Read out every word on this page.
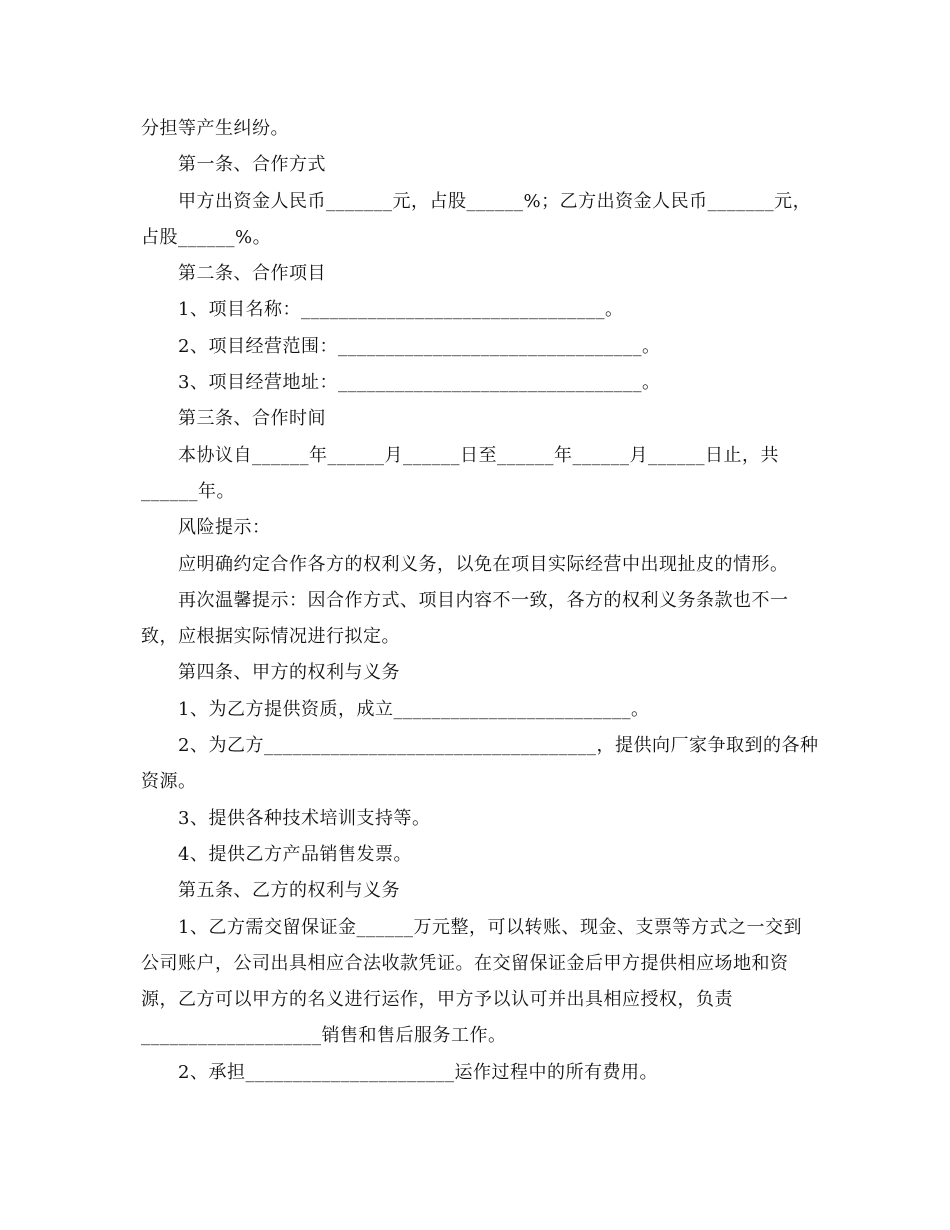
分担等产生纠纷。
第一条、合作方式
甲方出资金人民币_______元，占股______%；乙方出资金人民币_______元，
占股______%。
第二条、合作项目
1、项目名称：________________________________。
2、项目经营范围：________________________________。
3、项目经营地址：________________________________。
第三条、合作时间
本协议自______年______月______日至______年______月______日止，共
______年。
风险提示：
应明确约定合作各方的权利义务，以免在项目实际经营中出现扯皮的情形。
再次温馨提示：因合作方式、项目内容不一致，各方的权利义务条款也不一
致，应根据实际情况进行拟定。
第四条、甲方的权利与义务
1、为乙方提供资质，成立_________________________。
2、为乙方___________________________________，提供向厂家争取到的各种
资源。
3、提供各种技术培训支持等。
4、提供乙方产品销售发票。
第五条、乙方的权利与义务
1、乙方需交留保证金______万元整，可以转账、现金、支票等方式之一交到
公司账户，公司出具相应合法收款凭证。在交留保证金后甲方提供相应场地和资
源，乙方可以甲方的名义进行运作，甲方予以认可并出具相应授权，负责
___________________销售和售后服务工作。
2、承担______________________运作过程中的所有费用。
